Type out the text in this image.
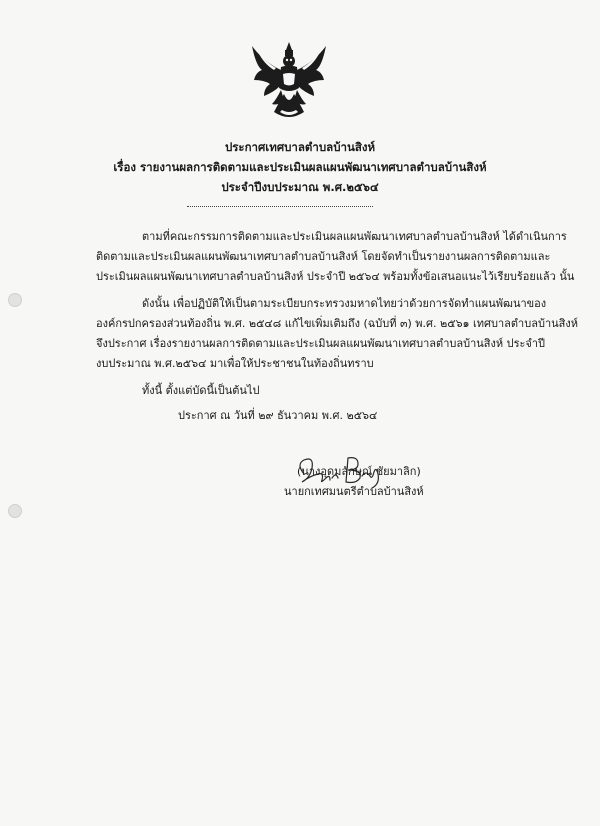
ประกาศเทศบาลตำบลบ้านสิงห์
เรื่อง รายงานผลการติดตามและประเมินผลแผนพัฒนาเทศบาลตำบลบ้านสิงห์
ประจำปีงบประมาณ พ.ศ.๒๕๖๔
ตามที่คณะกรรมการติดตามและประเมินผลแผนพัฒนาเทศบาลตำบลบ้านสิงห์ ได้ดำเนินการ
ติดตามและประเมินผลแผนพัฒนาเทศบาลตำบลบ้านสิงห์ โดยจัดทำเป็นรายงานผลการติดตามและ
ประเมินผลแผนพัฒนาเทศบาลตำบลบ้านสิงห์ ประจำปี ๒๕๖๔ พร้อมทั้งข้อเสนอแนะไว้เรียบร้อยแล้ว นั้น
ดังนั้น เพื่อปฏิบัติให้เป็นตามระเบียบกระทรวงมหาดไทยว่าด้วยการจัดทำแผนพัฒนาของ
องค์กรปกครองส่วนท้องถิ่น พ.ศ. ๒๕๔๘ แก้ไขเพิ่มเติมถึง (ฉบับที่ ๓) พ.ศ. ๒๕๖๑ เทศบาลตำบลบ้านสิงห์
จึงประกาศ เรื่องรายงานผลการติดตามและประเมินผลแผนพัฒนาเทศบาลตำบลบ้านสิงห์ ประจำปี
งบประมาณ พ.ศ.๒๕๖๔ มาเพื่อให้ประชาชนในท้องถิ่นทราบ
ทั้งนี้ ตั้งแต่บัดนี้เป็นต้นไป
ประกาศ ณ วันที่ ๒๙ ธันวาคม พ.ศ. ๒๕๖๔
(นางอุดมลักษณ์ ชัยมาลิก)
นายกเทศมนตรีตำบลบ้านสิงห์
